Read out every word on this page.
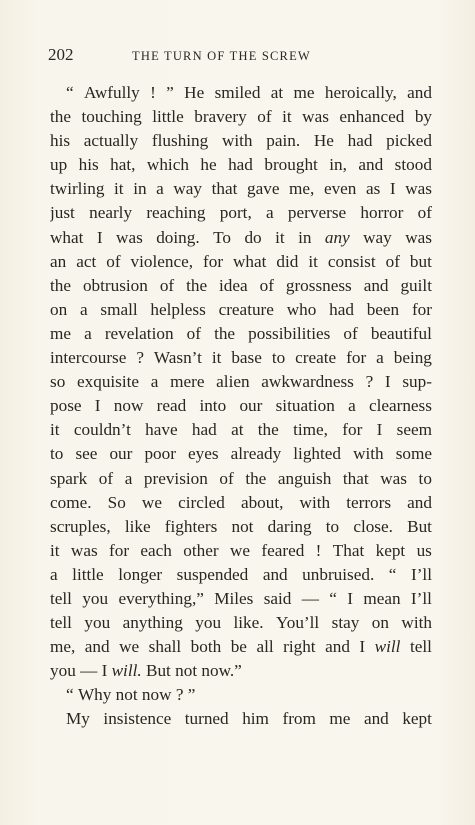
202	THE TURN OF THE SCREW
“ Awfully ! ” He smiled at me heroically, and
the touching little bravery of it was enhanced by
his actually flushing with pain. He had picked
up his hat, which he had brought in, and stood
twirling it in a way that gave me, even as I was
just nearly reaching port, a perverse horror of
what I was doing. To do it in any way was
an act of violence, for what did it consist of but
the obtrusion of the idea of grossness and guilt
on a small helpless creature who had been for
me a revelation of the possibilities of beautiful
intercourse ? Wasn’t it base to create for a being
so exquisite a mere alien awkwardness ? I sup-
pose I now read into our situation a clearness
it couldn’t have had at the time, for I seem
to see our poor eyes already lighted with some
spark of a prevision of the anguish that was to
come. So we circled about, with terrors and
scruples, like fighters not daring to close. But
it was for each other we feared ! That kept us
a little longer suspended and unbruised. “ I’ll
tell you everything,” Miles said — “ I mean I’ll
tell you anything you like. You’ll stay on with
me, and we shall both be all right and I will tell
you
—
I
will.
But
not
now.”
“
Why
not
now
?
”
My insistence turned him from me and kept
